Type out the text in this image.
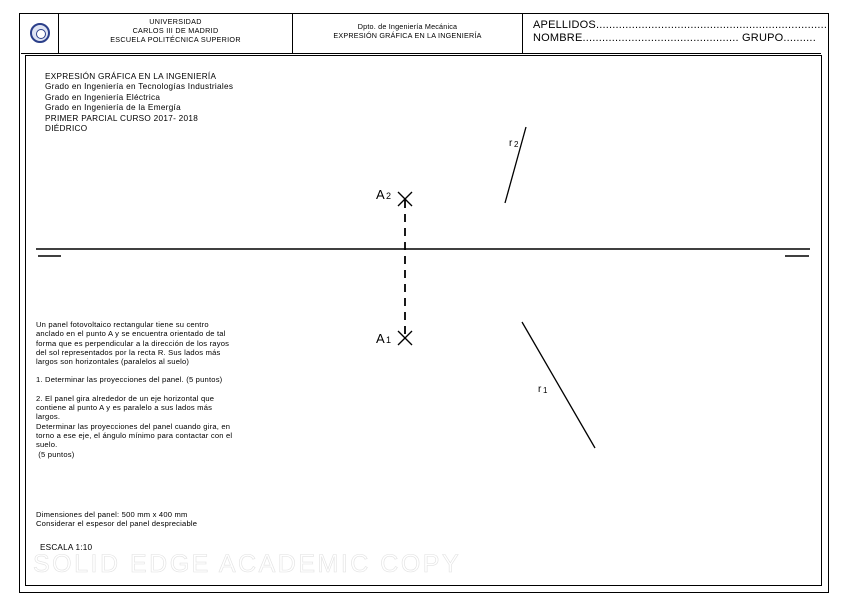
UNIVERSIDAD
CARLOS III DE MADRID
ESCUELA POLITÉCNICA SUPERIOR
Dpto. de Ingeniería Mecánica
EXPRESIÓN GRÁFICA EN LA INGENIERÍA
APELLIDOS.......................................................................
NOMBRE................................................ GRUPO..........
EXPRESIÓN GRÁFICA EN LA INGENIERÍA
Grado en Ingeniería en Tecnologías Industriales
Grado en Ingeniería Eléctrica
Grado en Ingeniería de la Emergía
PRIMER PARCIAL CURSO 2017- 2018
DIÉDRICO
A 2
A 1
r 2
r 1
Un panel fotovoltaico rectangular tiene su centro
anclado en el punto A y se encuentra orientado de tal
forma que es perpendicular a la dirección de los rayos
del sol representados por la recta R. Sus lados más
largos son horizontales (paralelos al suelo)
1. Determinar las proyecciones del panel. (5 puntos)
2. El panel gira alrededor de un eje horizontal que
contiene al punto A y es paralelo a sus lados más
largos.
Determinar las proyecciones del panel cuando gira, en
torno a ese eje, el ángulo mínimo para contactar con el
suelo.
(5 puntos)
Dimensiones del panel: 500 mm x 400 mm
Considerar el espesor del panel despreciable
ESCALA 1:10
SOLID EDGE ACADEMIC COPY
